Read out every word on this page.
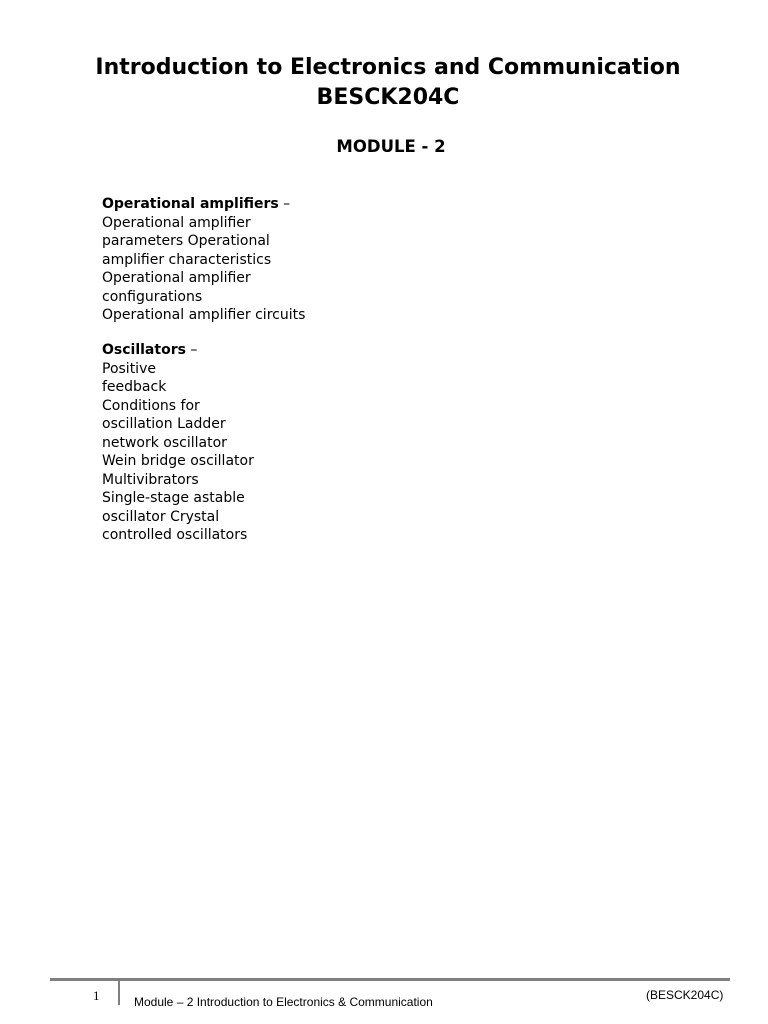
Introduction to Electronics and Communication
BESCK204C
MODULE - 2
Operational amplifiers –
Operational amplifier
parameters Operational
amplifier characteristics
Operational amplifier
configurations
Operational amplifier circuits
Oscillators –
Positive
feedback
Conditions for
oscillation Ladder
network oscillator
Wein bridge oscillator
Multivibrators
Single-stage astable
oscillator Crystal
controlled oscillators
1	Module – 2 Introduction to Electronics & Communication	(BESCK204C)
